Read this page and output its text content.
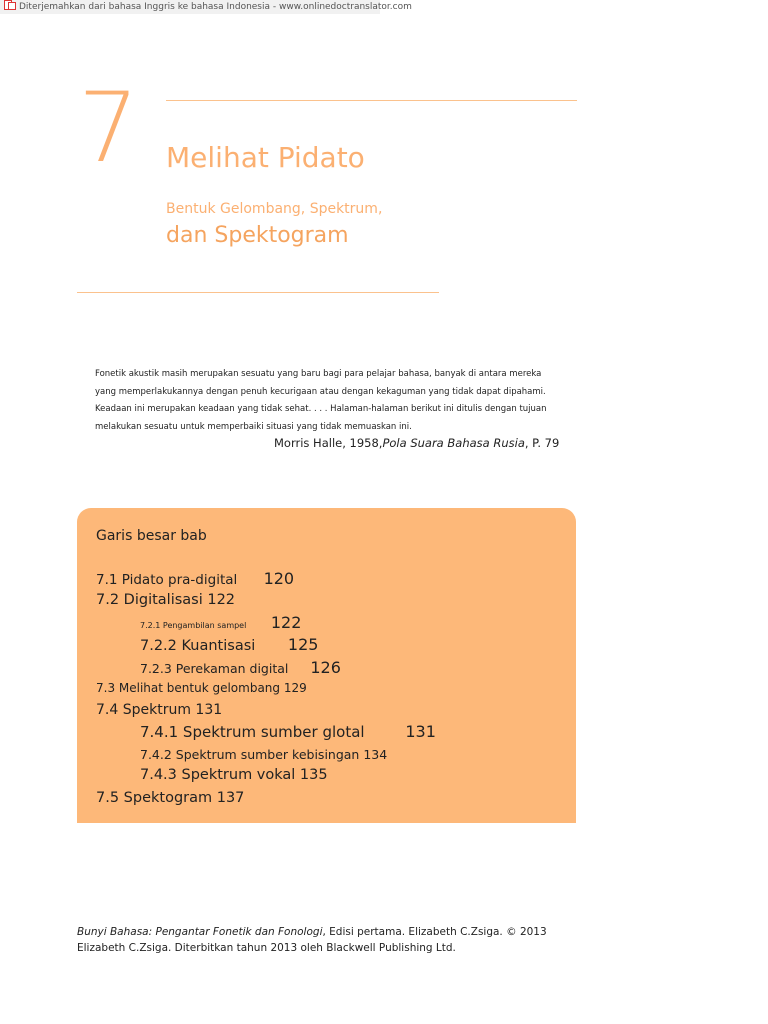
Diterjemahkan dari bahasa Inggris ke bahasa Indonesia - www.onlinedoctranslator.com
7 Melihat Pidato
Bentuk Gelombang, Spektrum,
dan Spektogram
Fonetik akustik masih merupakan sesuatu yang baru bagi para pelajar bahasa, banyak di antara mereka yang memperlakukannya dengan penuh kecurigaan atau dengan kekaguman yang tidak dapat dipahami. Keadaan ini merupakan keadaan yang tidak sehat. . . . Halaman-halaman berikut ini ditulis dengan tujuan melakukan sesuatu untuk memperbaiki situasi yang tidak memuaskan ini.
Morris Halle, 1958,Pola Suara Bahasa Rusia, P. 79
Garis besar bab
7.1 Pidato pra-digital 120
7.2 Digitalisasi 122
7.2.1 Pengambilan sampel 122
7.2.2 Kuantisasi 125
7.2.3 Perekaman digital 126
7.3 Melihat bentuk gelombang 129
7.4 Spektrum 131
7.4.1 Spektrum sumber glotal	131
7.4.2 Spektrum sumber kebisingan 134
7.4.3 Spektrum vokal 135
7.5 Spektogram 137
Bunyi Bahasa: Pengantar Fonetik dan Fonologi, Edisi pertama. Elizabeth C.Zsiga. © 2013 Elizabeth C.Zsiga. Diterbitkan tahun 2013 oleh Blackwell Publishing Ltd.
